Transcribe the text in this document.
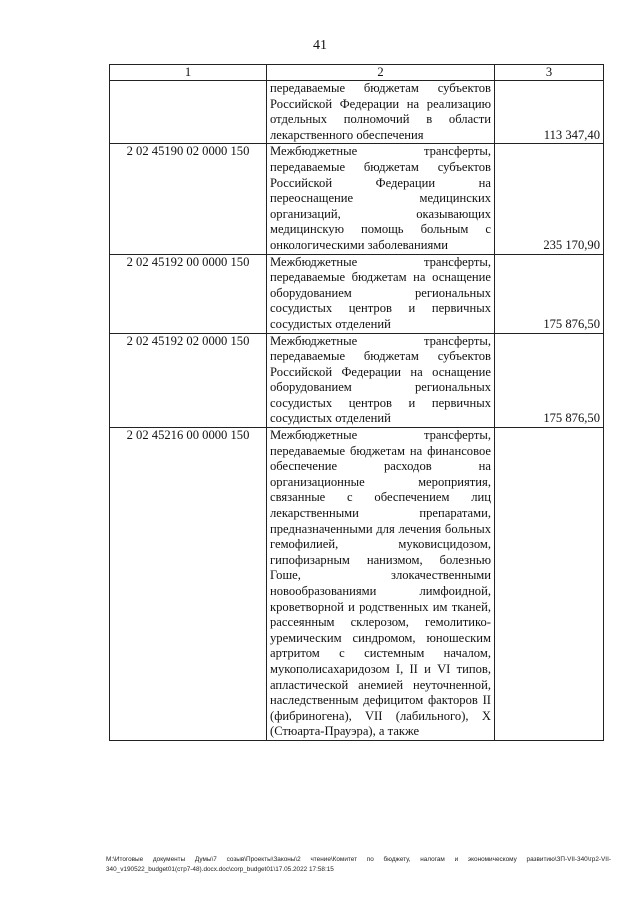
41
1	2	3
	передаваемые бюджетам субъектов Российской Федерации на реализацию отдельных полномочий в области лекарственного обеспечения	113 347,40
2 02 45190 02 0000 150	Межбюджетные трансферты, передаваемые бюджетам субъектов Российской Федерации на переоснащение медицинских организаций, оказывающих медицинскую помощь больным с онкологическими заболеваниями	235 170,90
2 02 45192 00 0000 150	Межбюджетные трансферты, передаваемые бюджетам на оснащение оборудованием региональных сосудистых центров и первичных сосудистых отделений	175 876,50
2 02 45192 02 0000 150	Межбюджетные трансферты, передаваемые бюджетам субъектов Российской Федерации на оснащение оборудованием региональных сосудистых центров и первичных сосудистых отделений	175 876,50
2 02 45216 00 0000 150	Межбюджетные трансферты, передаваемые бюджетам на финансовое обеспечение расходов на организационные мероприятия, связанные с обеспечением лиц лекарственными препаратами, предназначенными для лечения больных гемофилией, муковисцидозом, гипофизарным нанизмом, болезнью Гоше, злокачественными новообразованиями лимфоидной, кроветворной и родственных им тканей, рассеянным склерозом, гемолитико-уремическим синдромом, юношеским артритом с системным началом, мукополисахаридозом I, II и VI типов, апластической анемией неуточненной, наследственным дефицитом факторов II (фибриногена), VII (лабильного), X (Стюарта-Прауэра), а также	
M:\Итоговые документы Думы\7 созыв\Проекты\Законы\2 чтение\Комитет по бюджету, налогам и экономическому развитию\ЗП-VII-340\гр2-VII-340_v190522_budget01(стр7-48).docx.doc\corp_budget01\17.05.2022 17:58:15
